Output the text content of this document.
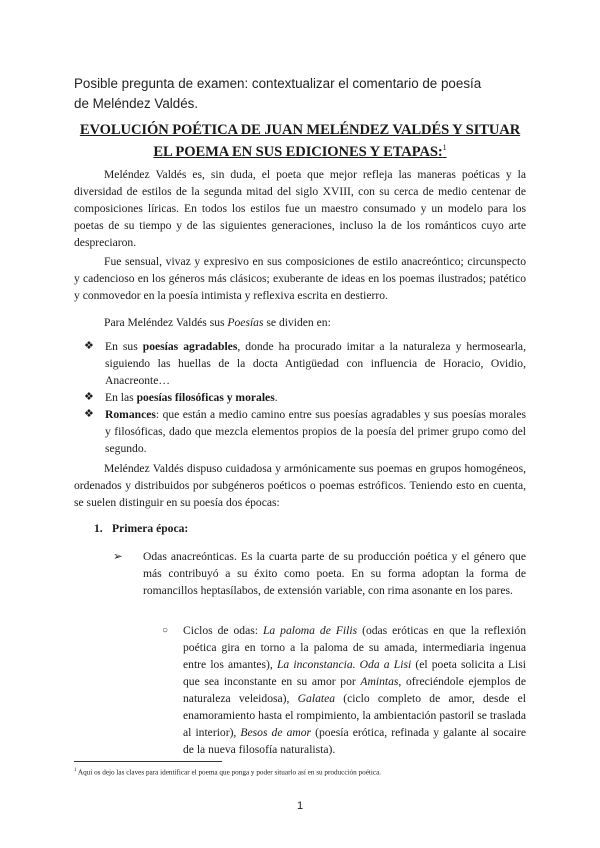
Posible pregunta de examen: contextualizar el comentario de poesía de Meléndez Valdés.
EVOLUCIÓN POÉTICA DE JUAN MELÉNDEZ VALDÉS Y SITUAR EL POEMA EN SUS EDICIONES Y ETAPAS:$^1$

Meléndez Valdés es, sin duda, el poeta que mejor refleja las maneras poéticas y la diversidad de estilos de la segunda mitad del siglo XVIII, con su cerca de medio centenar de composiciones líricas. En todos los estilos fue un maestro consumado y un modelo para los poetas de su tiempo y de las siguientes generaciones, incluso la de los románticos cuyo arte despreciaron.

Fue sensual, vivaz y expresivo en sus composiciones de estilo anacreóntico; circunspecto y cadencioso en los géneros más clásicos; exuberante de ideas en los poemas ilustrados; patético y conmovedor en la poesía intimista y reflexiva escrita en destierro.

Para Meléndez Valdés sus Poesías se dividen en:

❖ En sus poesías agradables, donde ha procurado imitar a la naturaleza y hermosearla, siguiendo las huellas de la docta Antigüedad con influencia de Horacio, Ovidio, Anacreonte…
❖ En las poesías filosóficas y morales.
❖ Romances: que están a medio camino entre sus poesías agradables y sus poesías morales y filosóficas, dado que mezcla elementos propios de la poesía del primer grupo como del segundo.

Meléndez Valdés dispuso cuidadosa y armónicamente sus poemas en grupos homogéneos, ordenados y distribuidos por subgéneros poéticos o poemas estróficos. Teniendo esto en cuenta, se suelen distinguir en su poesía dos épocas:

1. Primera época:
➢ Odas anacreónticas. Es la cuarta parte de su producción poética y el género que más contribuyó a su éxito como poeta. En su forma adoptan la forma de romancillos heptasílabos, de extensión variable, con rima asonante en los pares.
○ Ciclos de odas: La paloma de Filis (odas eróticas en que la reflexión poética gira en torno a la paloma de su amada, intermediaria ingenua entre los amantes), La inconstancia. Oda a Lisi (el poeta solicita a Lisi que sea inconstante en su amor por Amintas, ofreciéndole ejemplos de naturaleza veleidosa), Galatea (ciclo completo de amor, desde el enamoramiento hasta el rompimiento, la ambientación pastoril se traslada al interior), Besos de amor (poesía erótica, refinada y galante al socaire de la nueva filosofía naturalista).
$^1$ Aquí os dejo las claves para identificar el poema que ponga y poder situarlo así en su producción poética.
1
